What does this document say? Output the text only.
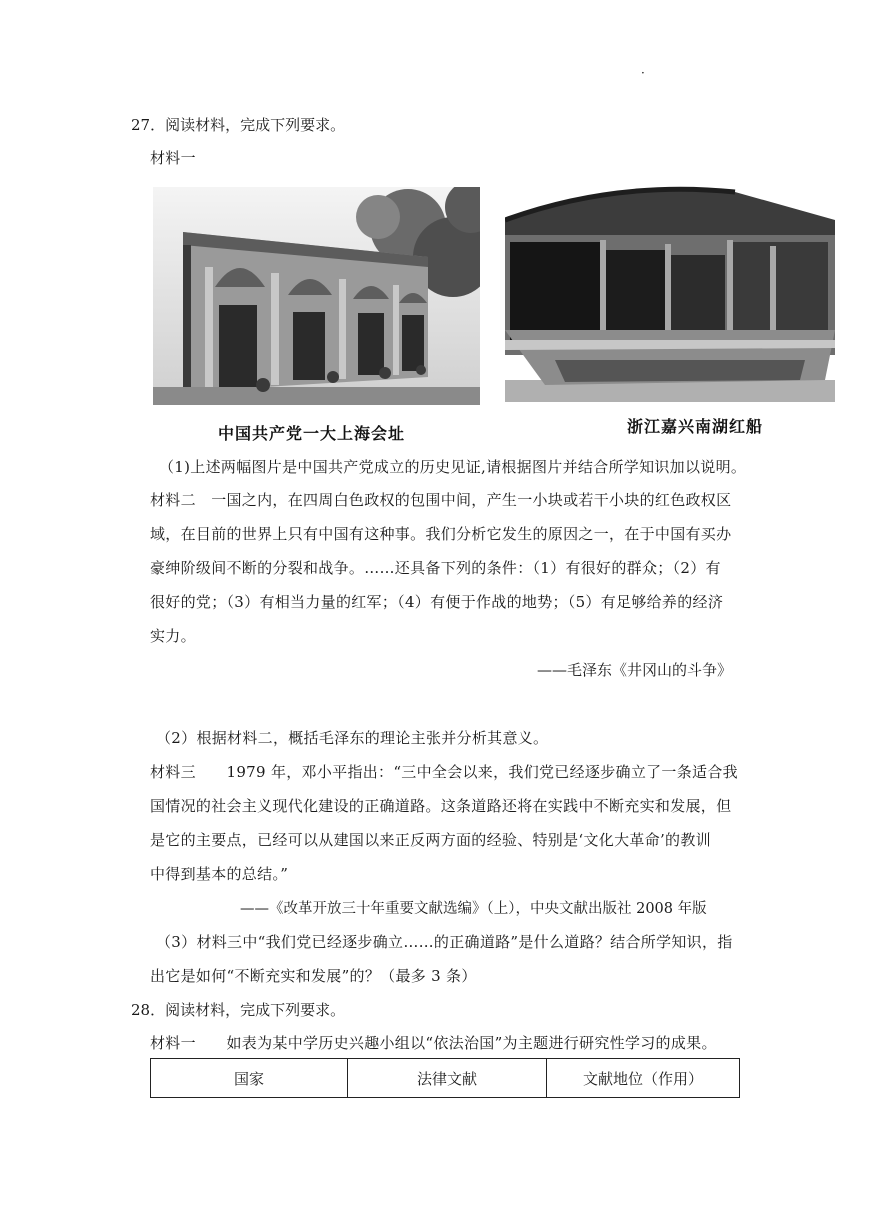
·
27．阅读材料，完成下列要求。
材料一
中国共产党一大上海会址	浙江嘉兴南湖红船
（1)上述两幅图片是中国共产党成立的历史见证,请根据图片并结合所学知识加以说明。
材料二　一国之内，在四周白色政权的包围中间，产生一小块或若干小块的红色政权区
域，在目前的世界上只有中国有这种事。我们分析它发生的原因之一，在于中国有买办
豪绅阶级间不断的分裂和战争。……还具备下列的条件：（1）有很好的群众；（2）有
很好的党；（3）有相当力量的红军；（4）有便于作战的地势；（5）有足够给养的经济
实力。
——毛泽东《井冈山的斗争》
（2）根据材料二，概括毛泽东的理论主张并分析其意义。
材料三　　1979 年，邓小平指出：“三中全会以来，我们党已经逐步确立了一条适合我
国情况的社会主义现代化建设的正确道路。这条道路还将在实践中不断充实和发展，但
是它的主要点，已经可以从建国以来正反两方面的经验、特别是‘文化大革命’的教训
中得到基本的总结。”
——《改革开放三十年重要文献选编》（上），中央文献出版社 2008 年版
（3）材料三中“我们党已经逐步确立……的正确道路”是什么道路？结合所学知识，指
出它是如何“不断充实和发展”的？（最多 3 条）
28．阅读材料，完成下列要求。
材料一　　如表为某中学历史兴趣小组以“依法治国”为主题进行研究性学习的成果。
国家	法律文献	文献地位（作用）
